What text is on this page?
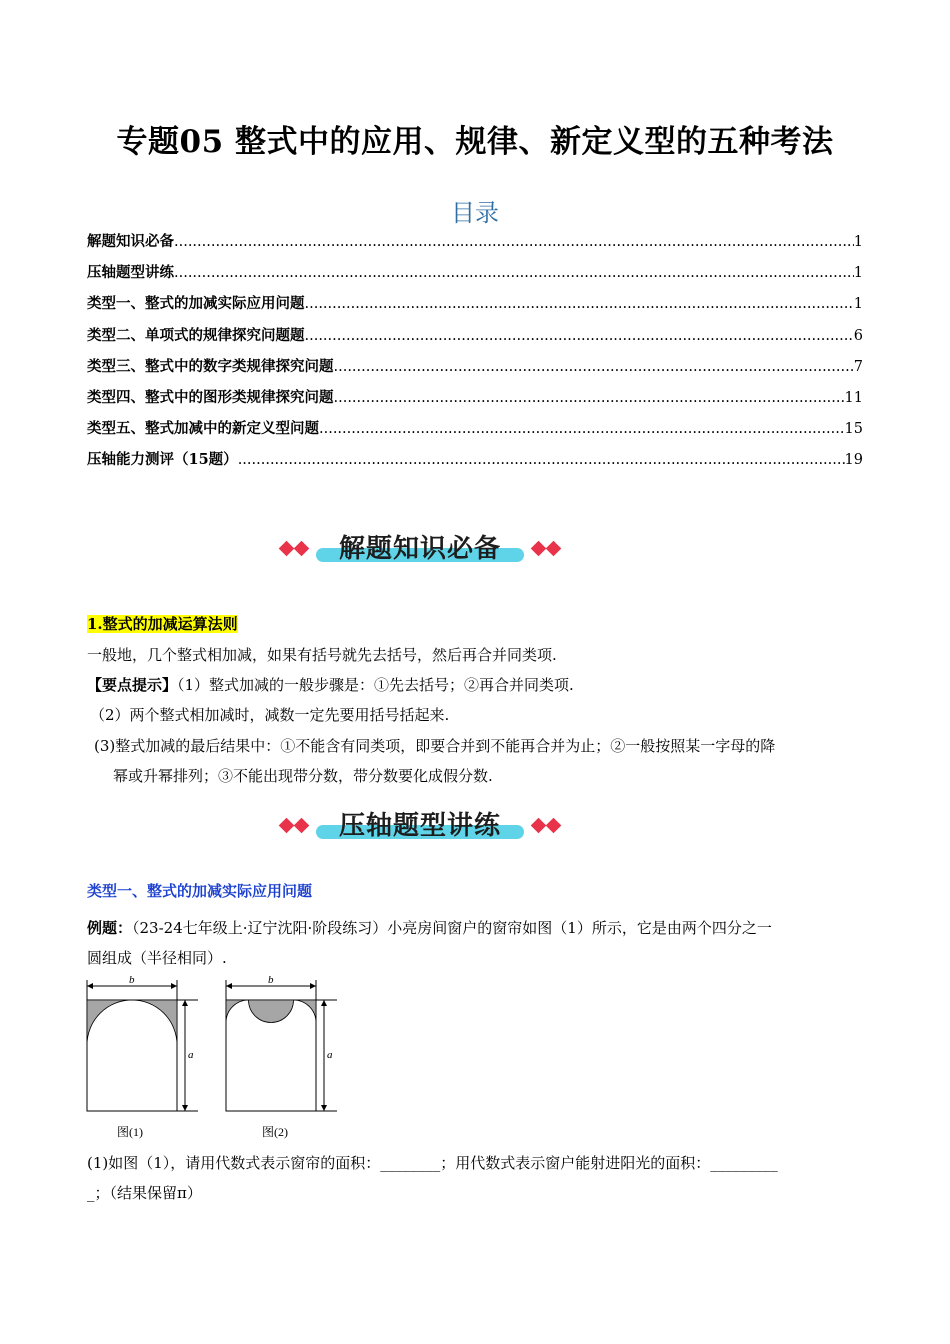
专题05 整式中的应用、规律、新定义型的五种考法
目录
解题知识必备 .....	1
压轴题型讲练 .....	1
类型一、整式的加减实际应用问题 .....	1
类型二、单项式的规律探究问题题 .....	6
类型三、整式中的数字类规律探究问题 .....	7
类型四、整式中的图形类规律探究问题 .....	11
类型五、整式加减中的新定义型问题 .....	15
压轴能力测评（15题） .....	19
解题知识必备
1.整式的加减运算法则
一般地，几个整式相加减，如果有括号就先去括号，然后再合并同类项.
【要点提示】（1）整式加减的一般步骤是：①先去括号；②再合并同类项.
（2）两个整式相加减时，减数一定先要用括号括起来.
(3)整式加减的最后结果中：①不能含有同类项，即要合并到不能再合并为止；②一般按照某一字母的降
幂或升幂排列；③不能出现带分数，带分数要化成假分数.
压轴题型讲练
类型一、整式的加减实际应用问题
例题：（23-24七年级上·辽宁沈阳·阶段练习）小亮房间窗户的窗帘如图（1）所示，它是由两个四分之一
圆组成（半径相同）.
b
a
图(1)
b
a
图(2)
(1)如图（1），请用代数式表示窗帘的面积：________；用代数式表示窗户能射进阳光的面积：_________
_；（结果保留π）
